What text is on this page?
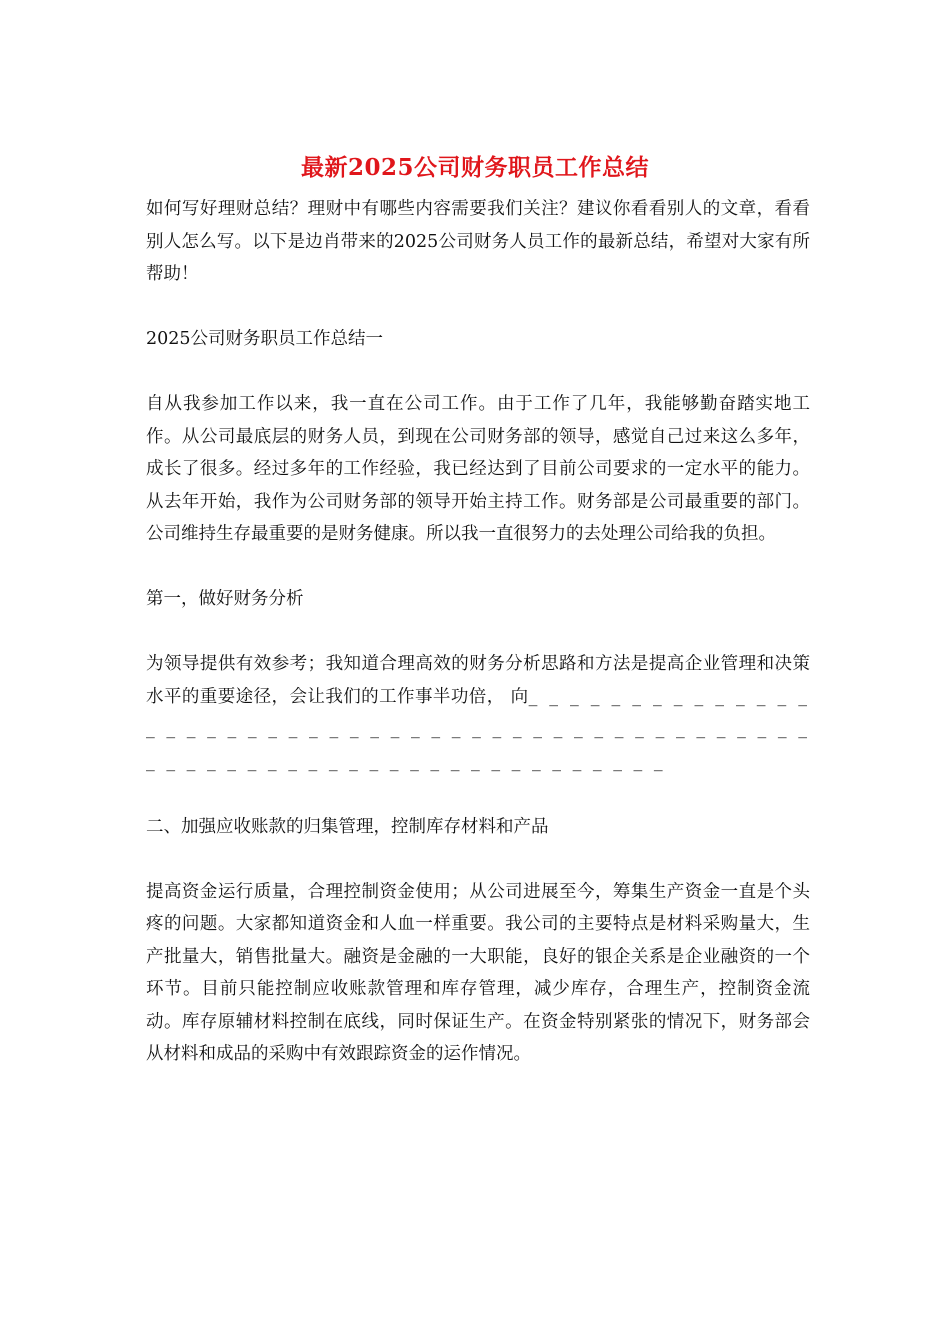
最新2025公司财务职员工作总结

如何写好理财总结？理财中有哪些内容需要我们关注？建议你看看别人的文章，看看别人怎么写。以下是边肖带来的2025公司财务人员工作的最新总结，希望对大家有所帮助！

2025公司财务职员工作总结一

自从我参加工作以来，我一直在公司工作。由于工作了几年，我能够勤奋踏实地工作。从公司最底层的财务人员，到现在公司财务部的领导，感觉自己过来这么多年，成长了很多。经过多年的工作经验，我已经达到了目前公司要求的一定水平的能力。从去年开始，我作为公司财务部的领导开始主持工作。财务部是公司最重要的部门。公司维持生存最重要的是财务健康。所以我一直很努力的去处理公司给我的负担。

第一，做好财务分析

为领导提供有效参考；我知道合理高效的财务分析思路和方法是提高企业管理和决策水平的重要途径，会让我们的工作事半功倍， 向_ _ _ _ _ _ _ _ _ _ _ _ _ _ _ _ _ _ _ _ _ _ _ _ _ _ _ _ _ _ _ _ _ _ _ _ _ _ _ _ _ _ _ _ _ _ _ _ _ _ _ _ _ _ _ _ _ _ _ _ _ _ _ _ _ _ _ _ _ _ _ _ _

二、加强应收账款的归集管理，控制库存材料和产品

提高资金运行质量，合理控制资金使用；从公司进展至今，筹集生产资金一直是个头疼的问题。大家都知道资金和人血一样重要。我公司的主要特点是材料采购量大，生产批量大，销售批量大。融资是金融的一大职能，良好的银企关系是企业融资的一个环节。目前只能控制应收账款管理和库存管理，减少库存，合理生产，控制资金流动。库存原辅材料控制在底线，同时保证生产。在资金特别紧张的情况下，财务部会从材料和成品的采购中有效跟踪资金的运作情况。
